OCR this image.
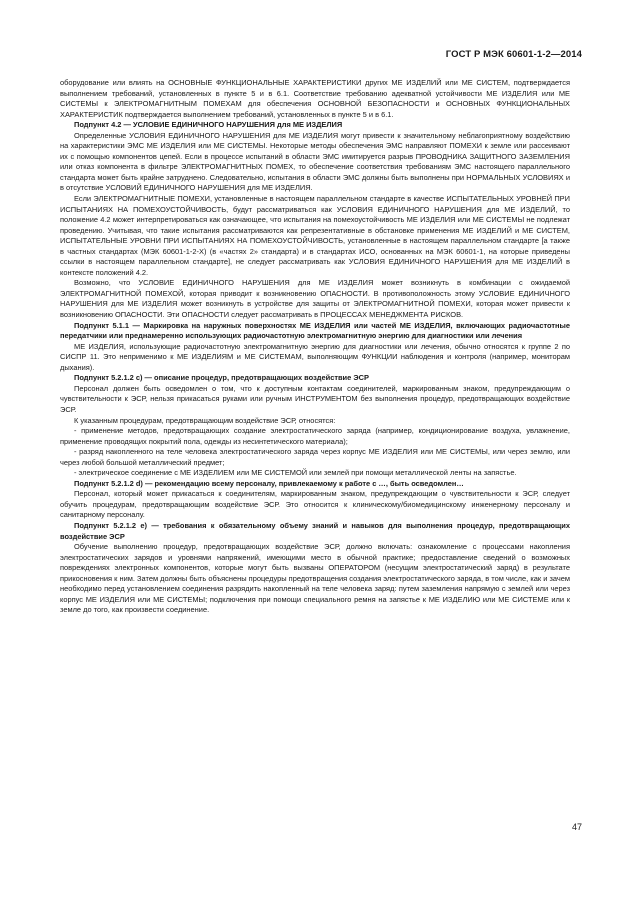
ГОСТ Р МЭК 60601-1-2—2014

оборудование или влиять на ОСНОВНЫЕ ФУНКЦИОНАЛЬНЫЕ ХАРАКТЕРИСТИКИ других МЕ ИЗДЕЛИЙ или МЕ СИСТЕМ, подтверждается выполнением требований, установленных в пункте 5 и в 6.1. Соответствие требованию адекватной устойчивости МЕ ИЗДЕЛИЯ или МЕ СИСТЕМЫ к ЭЛЕКТРОМАГНИТНЫМ ПОМЕХАМ для обеспечения ОСНОВНОЙ БЕЗОПАСНОСТИ и ОСНОВНЫХ ФУНКЦИОНАЛЬНЫХ ХАРАКТЕРИСТИК подтверждается выполнением требований, установленных в пункте 5 и в 6.1.

Подпункт 4.2 — УСЛОВИЕ ЕДИНИЧНОГО НАРУШЕНИЯ для МЕ ИЗДЕЛИЯ

Определенные УСЛОВИЯ ЕДИНИЧНОГО НАРУШЕНИЯ для МЕ ИЗДЕЛИЯ могут привести к значительному неблагоприятному воздействию на характеристики ЭМС МЕ ИЗДЕЛИЯ или МЕ СИСТЕМЫ. Некоторые методы обеспечения ЭМС направляют ПОМЕХИ к земле или рассеивают их с помощью компонентов цепей. Если в процессе испытаний в области ЭМС имитируется разрыв ПРОВОДНИКА ЗАЩИТНОГО ЗАЗЕМЛЕНИЯ или отказ компонента в фильтре ЭЛЕКТРОМАГНИТНЫХ ПОМЕХ, то обеспечение соответствия требованиям ЭМС настоящего параллельного стандарта может быть крайне затруднено. Следовательно, испытания в области ЭМС должны быть выполнены при НОРМАЛЬНЫХ УСЛОВИЯХ и в отсутствие УСЛОВИЙ ЕДИНИЧНОГО НАРУШЕНИЯ для МЕ ИЗДЕЛИЯ.

Если ЭЛЕКТРОМАГНИТНЫЕ ПОМЕХИ, установленные в настоящем параллельном стандарте в качестве ИСПЫТАТЕЛЬНЫХ УРОВНЕЙ ПРИ ИСПЫТАНИЯХ НА ПОМЕХОУСТОЙЧИВОСТЬ, будут рассматриваться как УСЛОВИЯ ЕДИНИЧНОГО НАРУШЕНИЯ для МЕ ИЗДЕЛИЙ, то положение 4.2 может интерпретироваться как означающее, что испытания на помехоустойчивость МЕ ИЗДЕЛИЯ или МЕ СИСТЕМЫ не подлежат проведению. Учитывая, что такие испытания рассматриваются как репрезентативные в обстановке применения МЕ ИЗДЕЛИЙ и МЕ СИСТЕМ, ИСПЫТАТЕЛЬНЫЕ УРОВНИ ПРИ ИСПЫТАНИЯХ НА ПОМЕХОУСТОЙЧИВОСТЬ, установленные в настоящем параллельном стандарте [а также в частных стандартах (МЭК 60601-1-2-Х) (в «частях 2» стандарта) и в стандартах ИСО, основанных на МЭК 60601-1, на которые приведены ссылки в настоящем параллельном стандарте], не следует рассматривать как УСЛОВИЯ ЕДИНИЧНОГО НАРУШЕНИЯ для МЕ ИЗДЕЛИЙ в контексте положений 4.2.

Возможно, что УСЛОВИЕ ЕДИНИЧНОГО НАРУШЕНИЯ для МЕ ИЗДЕЛИЯ может возникнуть в комбинации с ожидаемой ЭЛЕКТРОМАГНИТНОЙ ПОМЕХОЙ, которая приводит к возникновению ОПАСНОСТИ. В противоположность этому УСЛОВИЕ ЕДИНИЧНОГО НАРУШЕНИЯ для МЕ ИЗДЕЛИЯ может возникнуть в устройстве для защиты от ЭЛЕКТРОМАГНИТНОЙ ПОМЕХИ, которая может привести к возникновению ОПАСНОСТИ. Эти ОПАСНОСТИ следует рассматривать в ПРОЦЕССАХ МЕНЕДЖМЕНТА РИСКОВ.

Подпункт 5.1.1 — Маркировка на наружных поверхностях МЕ ИЗДЕЛИЯ или частей МЕ ИЗДЕЛИЯ, включающих радиочастотные передатчики или преднамеренно использующих радиочастотную электромагнитную энергию для диагностики или лечения

МЕ ИЗДЕЛИЯ, использующие радиочастотную электромагнитную энергию для диагностики или лечения, обычно относятся к группе 2 по СИСПР 11. Это неприменимо к МЕ ИЗДЕЛИЯМ и МЕ СИСТЕМАМ, выполняющим ФУНКЦИИ наблюдения и контроля (например, мониторам дыхания).

Подпункт 5.2.1.2 с) — описание процедур, предотвращающих воздействие ЭСР

Персонал должен быть осведомлен о том, что к доступным контактам соединителей, маркированным знаком, предупреждающим о чувствительности к ЭСР, нельзя прикасаться руками или ручным ИНСТРУМЕНТОМ без выполнения процедур, предотвращающих воздействие ЭСР.

К указанным процедурам, предотвращающим воздействие ЭСР, относятся:

- применение методов, предотвращающих создание электростатического заряда (например, кондиционирование воздуха, увлажнение, применение проводящих покрытий пола, одежды из несинтетического материала);

- разряд накопленного на теле человека электростатического заряда через корпус МЕ ИЗДЕЛИЯ или МЕ СИСТЕМЫ, или через землю, или через любой большой металлический предмет;

- электрическое соединение с МЕ ИЗДЕЛИЕМ или МЕ СИСТЕМОЙ или землей при помощи металлической ленты на запястье.

Подпункт 5.2.1.2 d) — рекомендацию всему персоналу, привлекаемому к работе с …, быть осведомлен…

Персонал, который может прикасаться к соединителям, маркированным знаком, предупреждающим о чувствительности к ЭСР, следует обучить процедурам, предотвращающим воздействие ЭСР. Это относится к клиническому/биомедицинскому инженерному персоналу и санитарному персоналу.

Подпункт 5.2.1.2 е) — требования к обязательному объему знаний и навыков для выполнения процедур, предотвращающих воздействие ЭСР

Обучение выполнению процедур, предотвращающих воздействие ЭСР, должно включать: ознакомление с процессами накопления электростатических зарядов и уровнями напряжений, имеющими место в обычной практике; предоставление сведений о возможных повреждениях электронных компонентов, которые могут быть вызваны ОПЕРАТОРОМ (несущим электростатический заряд) в результате прикосновения к ним. Затем должны быть объяснены процедуры предотвращения создания электростатического заряда, в том числе, как и зачем необходимо перед установлением соединения разрядить накопленный на теле человека заряд: путем заземления напрямую с землей или через корпус МЕ ИЗДЕЛИЯ или МЕ СИСТЕМЫ; подключения при помощи специального ремня на запястье к МЕ ИЗДЕЛИЮ или МЕ СИСТЕМЕ или к земле до того, как произвести соединение.

47
